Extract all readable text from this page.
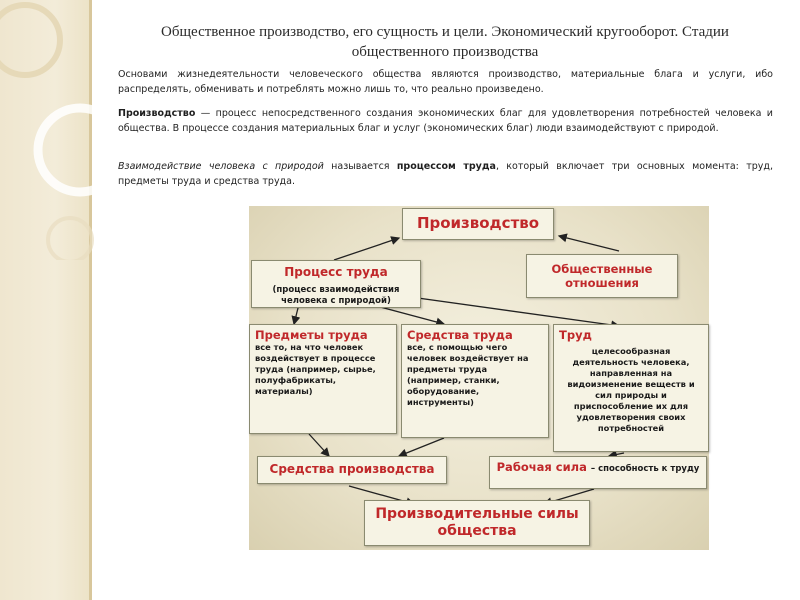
Общественное производство, его сущность и цели. Экономический кругооборот. Стадии общественного производства
Основами жизнедеятельности человеческого общества являются производство, материальные блага и услуги, ибо распределять, обменивать и потреблять можно лишь то, что реально произведено.
Производство — процесс непосредственного создания экономических благ для удовлетворения потребностей человека и общества. В процессе создания материальных благ и услуг (экономических благ) люди взаимодействуют с природой.
Взаимодействие человека с природой называется процессом труда, который включает три основных момента: труд, предметы труда и средства труда.
Производство
Процесс труда
(процесс взаимодействия человека с природой)
Общественные отношения
Предметы труда
все то, на что человек воздействует в процессе труда (например, сырье, полуфабрикаты, материалы)
Средства труда
все, с помощью чего человек воздействует на предметы труда (например, станки, оборудование, инструменты)
Труд
целесообразная деятельность человека, направленная на видоизменение веществ и сил природы и приспособление их для удовлетворения своих потребностей
Средства производства	Рабочая сила – способность к труду
Производительные силы общества
